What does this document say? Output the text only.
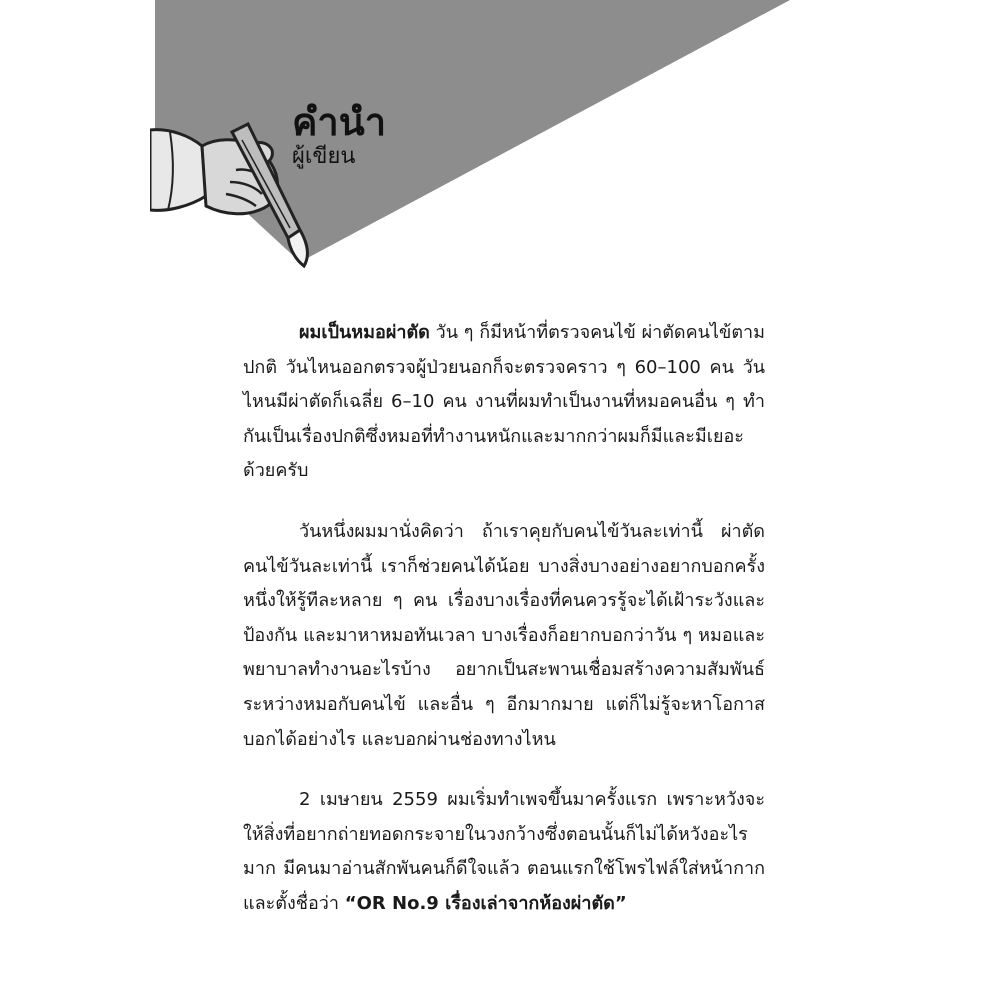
คำนำ
ผู้เขียน

ผมเป็นหมอผ่าตัด วัน ๆ ก็มีหน้าที่ตรวจคนไข้ ผ่าตัดคนไข้ตามปกติ วันไหนออกตรวจผู้ป่วยนอกก็จะตรวจคราว ๆ 60–100 คน วันไหนมีผ่าตัดก็เฉลี่ย 6–10 คน งานที่ผมทำเป็นงานที่หมอคนอื่น ๆ ทำกันเป็นเรื่องปกติซึ่งหมอที่ทำงานหนักและมากกว่าผมก็มีและมีเยอะด้วยครับ

วันหนึ่งผมมานั่งคิดว่า ถ้าเราคุยกับคนไข้วันละเท่านี้ ผ่าตัดคนไข้วันละเท่านี้ เราก็ช่วยคนได้น้อย บางสิ่งบางอย่างอยากบอกครั้งหนึ่งให้รู้ทีละหลาย ๆ คน เรื่องบางเรื่องที่คนควรรู้จะได้เฝ้าระวังและป้องกัน และมาหาหมอทันเวลา บางเรื่องก็อยากบอกว่าวัน ๆ หมอและพยาบาลทำงานอะไรบ้าง อยากเป็นสะพานเชื่อมสร้างความสัมพันธ์ระหว่างหมอกับคนไข้ และอื่น ๆ อีกมากมาย แต่ก็ไม่รู้จะหาโอกาสบอกได้อย่างไร และบอกผ่านช่องทางไหน

2 เมษายน 2559 ผมเริ่มทำเพจขึ้นมาครั้งแรก เพราะหวังจะให้สิ่งที่อยากถ่ายทอดกระจายในวงกว้างซึ่งตอนนั้นก็ไม่ได้หวังอะไรมาก มีคนมาอ่านสักพันคนก็ดีใจแล้ว ตอนแรกใช้โพรไฟล์ใส่หน้ากากและตั้งชื่อว่า “OR No.9 เรื่องเล่าจากห้องผ่าตัด”
